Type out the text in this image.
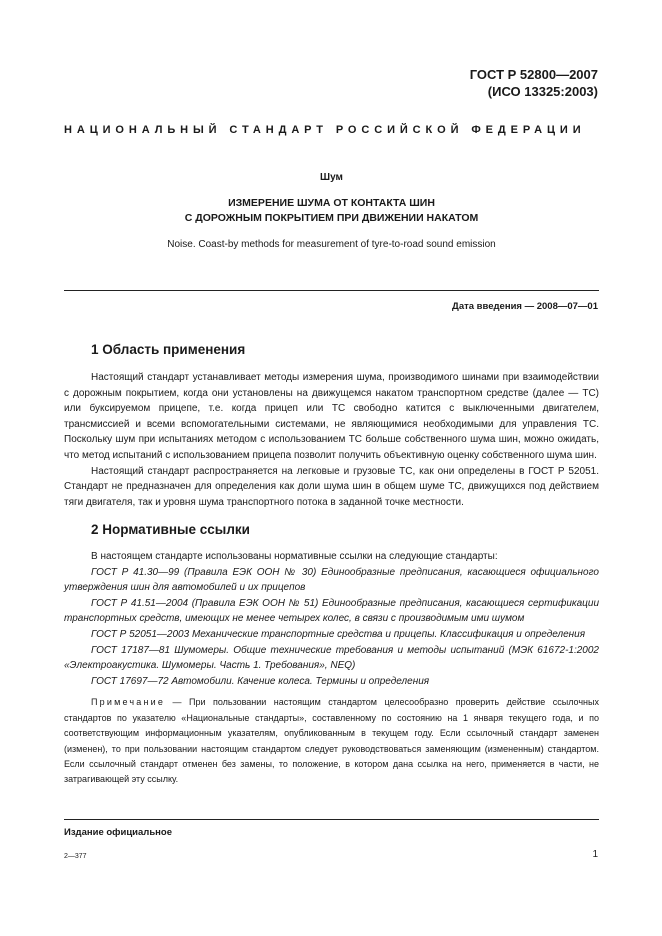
ГОСТ Р 52800—2007
(ИСО 13325:2003)
НАЦИОНАЛЬНЫЙ СТАНДАРТ РОССИЙСКОЙ ФЕДЕРАЦИИ

Шум

ИЗМЕРЕНИЕ ШУМА ОТ КОНТАКТА ШИН

С ДОРОЖНЫМ ПОКРЫТИЕМ ПРИ ДВИЖЕНИИ НАКАТОМ

Noise. Coast-by methods for measurement of tyre-to-road sound emission
Дата введения — 2008—07—01

1 Область применения

Настоящий стандарт устанавливает методы измерения шума, производимого шинами при взаимодействии с дорожным покрытием, когда они установлены на движущемся накатом транспортном средстве (далее — ТС) или буксируемом прицепе, т.е. когда прицеп или ТС свободно катится с выключенными двигателем, трансмиссией и всеми вспомогательными системами, не являющимися необходимыми для управления ТС. Поскольку шум при испытаниях методом с использованием ТС больше собственного шума шин, можно ожидать, что метод испытаний с использованием прицепа позволит получить объективную оценку собственного шума шин.

Настоящий стандарт распространяется на легковые и грузовые ТС, как они определены в ГОСТ Р 52051. Стандарт не предназначен для определения как доли шума шин в общем шуме ТС, движущихся под действием тяги двигателя, так и уровня шума транспортного потока в заданной точке местности.

2 Нормативные ссылки

В настоящем стандарте использованы нормативные ссылки на следующие стандарты:

ГОСТ Р 41.30—99 (Правила ЕЭК ООН № 30) Единообразные предписания, касающиеся официального утверждения шин для автомобилей и их прицепов

ГОСТ Р 41.51—2004 (Правила ЕЭК ООН № 51) Единообразные предписания, касающиеся сертификации транспортных средств, имеющих не менее четырех колес, в связи с производимым ими шумом

ГОСТ Р 52051—2003 Механические транспортные средства и прицепы. Классификация и определения

ГОСТ 17187—81 Шумомеры. Общие технические требования и методы испытаний (МЭК 61672-1:2002 «Электроакустика. Шумомеры. Часть 1. Требования», NEQ)

ГОСТ 17697—72 Автомобили. Качение колеса. Термины и определения

Примечание — При пользовании настоящим стандартом целесообразно проверить действие ссылочных стандартов по указателю «Национальные стандарты», составленному по состоянию на 1 января текущего года, и по соответствующим информационным указателям, опубликованным в текущем году. Если ссылочный стандарт заменен (изменен), то при пользовании настоящим стандартом следует руководствоваться заменяющим (измененным) стандартом. Если ссылочный стандарт отменен без замены, то положение, в котором дана ссылка на него, применяется в части, не затрагивающей эту ссылку.

Издание официальное
2—377	1
